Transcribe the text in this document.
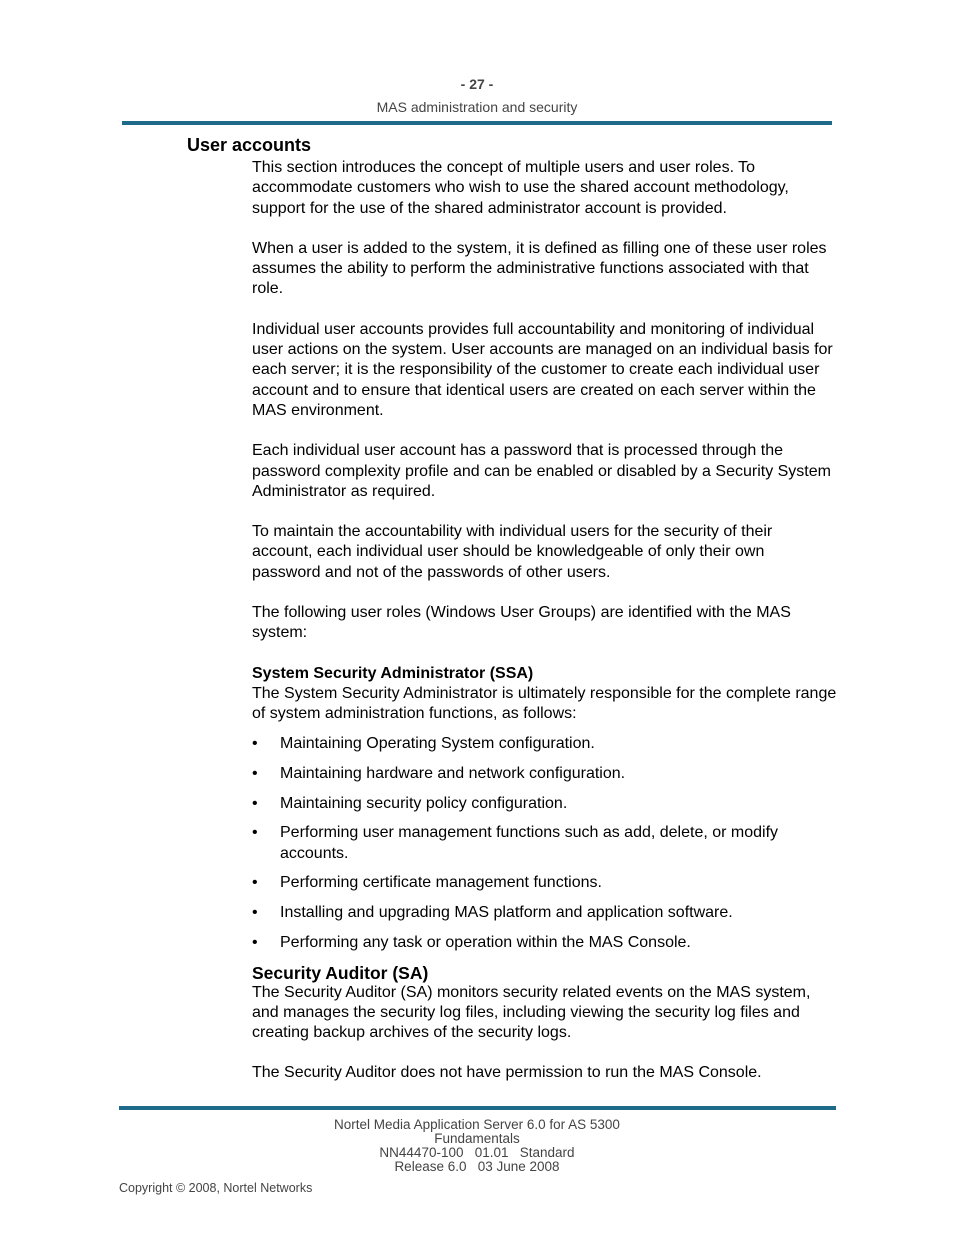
- 27 -
MAS administration and security
User accounts

This section introduces the concept of multiple users and user roles. To accommodate customers who wish to use the shared account methodology, support for the use of the shared administrator account is provided.

When a user is added to the system, it is defined as filling one of these user roles assumes the ability to perform the administrative functions associated with that role.

Individual user accounts provides full accountability and monitoring of individual user actions on the system. User accounts are managed on an individual basis for each server; it is the responsibility of the customer to create each individual user account and to ensure that identical users are created on each server within the MAS environment.

Each individual user account has a password that is processed through the password complexity profile and can be enabled or disabled by a Security System Administrator as required.

To maintain the accountability with individual users for the security of their account, each individual user should be knowledgeable of only their own password and not of the passwords of other users.

The following user roles (Windows User Groups) are identified with the MAS system:

System Security Administrator (SSA)

The System Security Administrator is ultimately responsible for the complete range of system administration functions, as follows:

• Maintaining Operating System configuration.
• Maintaining hardware and network configuration.
• Maintaining security policy configuration.
• Performing user management functions such as add, delete, or modify accounts.
• Performing certificate management functions.
• Installing and upgrading MAS platform and application software.
• Performing any task or operation within the MAS Console.
Security Auditor (SA)

The Security Auditor (SA) monitors security related events on the MAS system, and manages the security log files, including viewing the security log files and creating backup archives of the security logs.

The Security Auditor does not have permission to run the MAS Console.

Nortel Media Application Server 6.0 for AS 5300
Fundamentals
NN44470-100   01.01   Standard
Release 6.0   03 June 2008
Copyright © 2008, Nortel Networks
